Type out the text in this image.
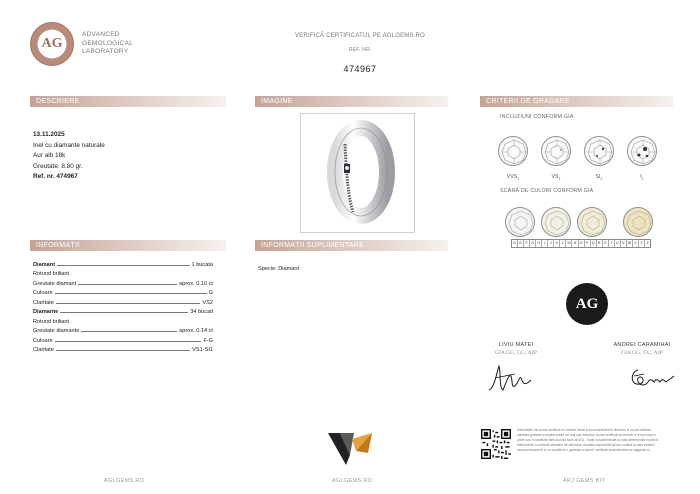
AG
ADVANCED
GEMOLOGICAL
LABORATORY
VERIFICĂ CERTIFICATUL PE AGLGEMS.RO
REF. NR.
474967
DESCRIERE	IMAGINE	CRITERII DE GRADARE
INFORMAȚII	INFORMAȚII SUPLIMENTARE
13.11.2025
Inel cu diamante naturale
Aur alb 18k
Greutate: 8.80 gr.
Ref. nr. 474967
INCLUZIUNI CONFORM GIA
$VVS_1$	$VS_1$	$SI_2$	$I_1$
SCARĂ DE CULORI CONFORM GIA
D E	F G H	I	J	K	L M N O P Q R S	T	U V W X	Y	Z
AG
Diamant	1 bucata
Rotund briliant
Greutate diamant	aprox. 0.10 ct
Culoare	G
Claritate	VS2
Diamante	34 bucati
Rotund briliant
Greutate diamante	aprox. 0.14 ct
Culoare	F-G
Claritate	VS1-SI1
Specie: Diamant
LIVIU MATEI
GIA GG, GG, AJP
ANDREI CARAMIHAI
GIA GG, GU, AJP
Informațiile din acest certificat nu trebuie decât la produsul/ele/ele descrise și nu pot reflecta calitatea globală a oricărei pietre de mai sus descrise. Acest certificat nu trebuie a fi reprodus în parte sau în totalitate fără acordul scris al AGL. Toate caracteristicile au fost determinate folosind instrumente și metode standard de laborator. Aceasta reprezintă opinia noastră la data emiterii acestui document și nu constituie o garanție a valorii. Verificați autenticitatea pe aglgems.ro.
AGLGEMS.RO	AGLGEMS.RO	ARJ GEMS BIT
